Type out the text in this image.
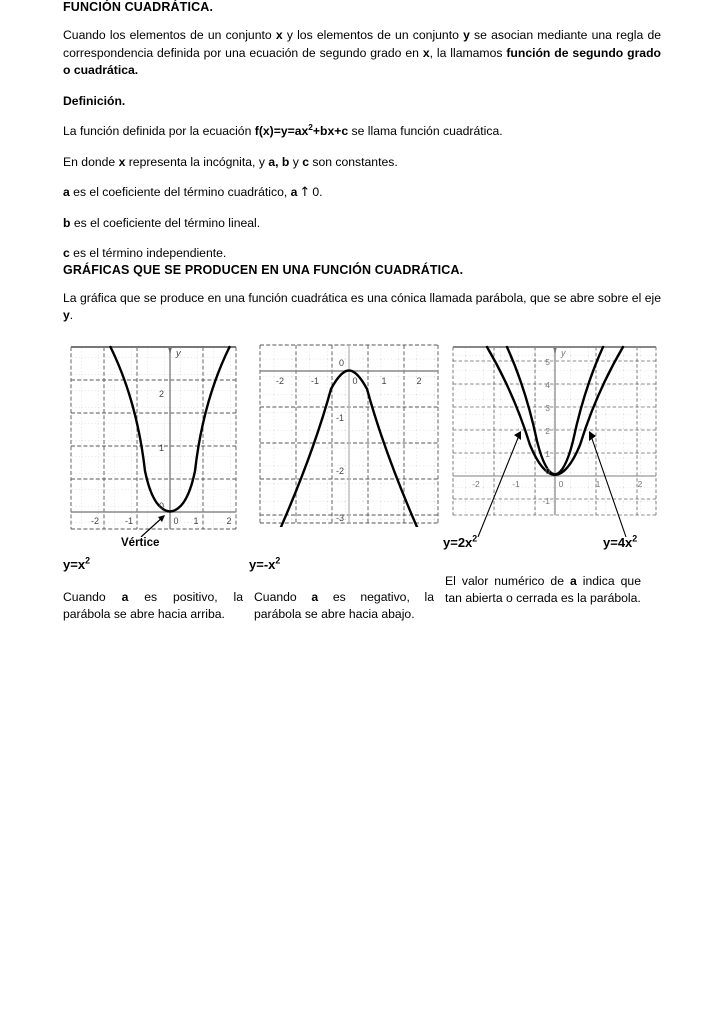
FUNCIÓN CUADRÁTICA.

Cuando los elementos de un conjunto x y los elementos de un conjunto y se asocian mediante una regla de correspondencia definida por una ecuación de segundo grado en x, la llamamos función de segundo grado o cuadrática.

Definición.

La función definida por la ecuación $f(x)=y=ax^2+bx+c$ se llama función cuadrática.

En donde x representa la incógnita, y a, b y c son constantes.

a es el coeficiente del término cuadrático, a ↑ 0.

b es el coeficiente del término lineal.

c es el término independiente.

GRÁFICAS QUE SE PRODUCEN EN UNA FUNCIÓN CUADRÁTICA.

La gráfica que se produce en una función cuadrática es una cónica llamada parábola, que se abre sobre el eje y.

y
-2	-1	0 1	2
0
1
2
-2	-1	0	1	2
0
-1
-2
-3
y
-2	-1	0	1	2
5
4
3
2
1
0
-1
Vértice
$y=x^2$	$y=-x^2$
$y=2x^2$	$y=4x^2$

Cuando a es positivo, la parábola se abre hacia arriba.

Cuando a es negativo, la parábola se abre hacia abajo.

El valor numérico de a indica que tan abierta o cerrada es la parábola.
